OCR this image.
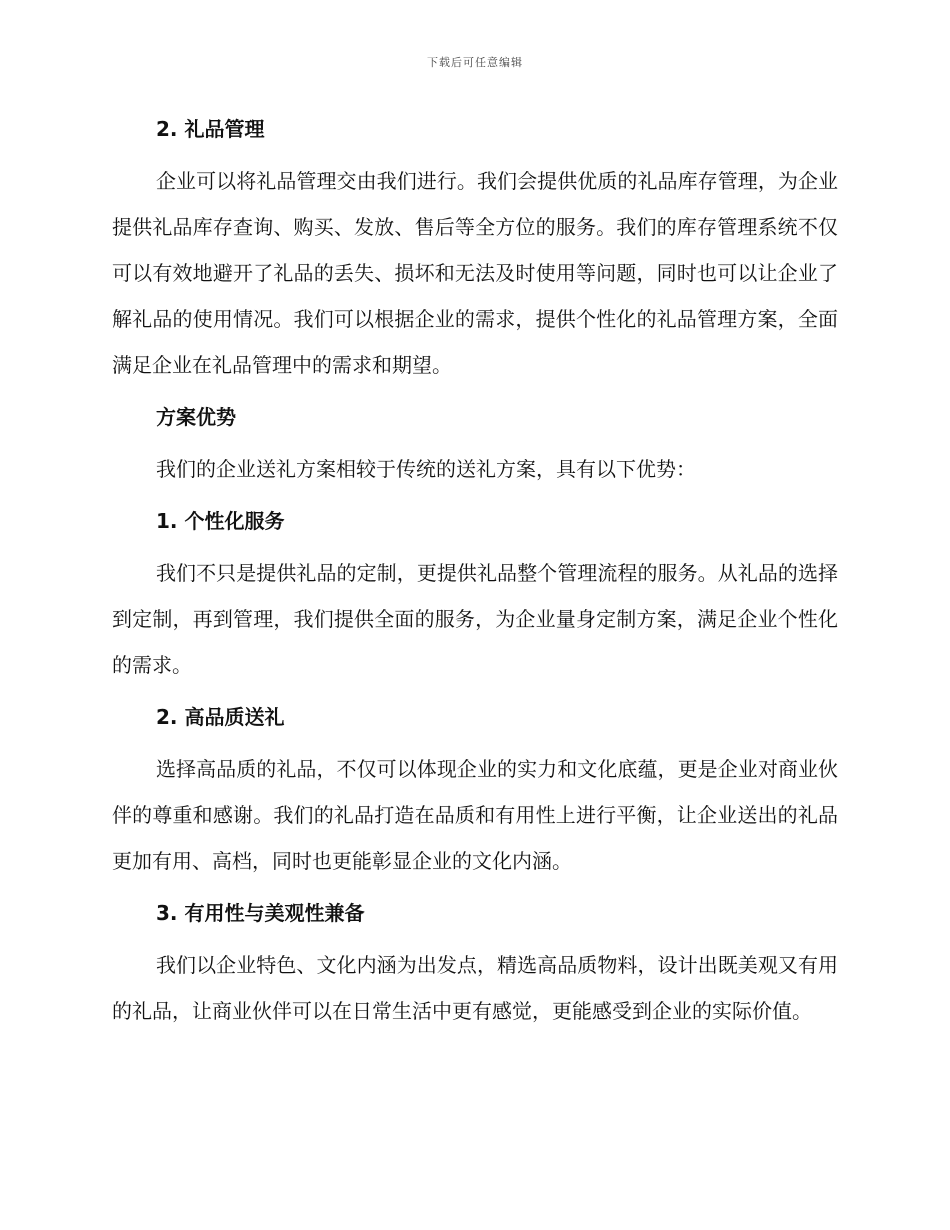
下载后可任意编辑
2. 礼品管理
企业可以将礼品管理交由我们进行。我们会提供优质的礼品库存管理，为企业提供礼品库存查询、购买、发放、售后等全方位的服务。我们的库存管理系统不仅可以有效地避开了礼品的丢失、损坏和无法及时使用等问题，同时也可以让企业了解礼品的使用情况。我们可以根据企业的需求，提供个性化的礼品管理方案，全面满足企业在礼品管理中的需求和期望。
方案优势
我们的企业送礼方案相较于传统的送礼方案，具有以下优势：
1. 个性化服务
我们不只是提供礼品的定制，更提供礼品整个管理流程的服务。从礼品的选择到定制，再到管理，我们提供全面的服务，为企业量身定制方案，满足企业个性化的需求。
2. 高品质送礼
选择高品质的礼品，不仅可以体现企业的实力和文化底蕴，更是企业对商业伙伴的尊重和感谢。我们的礼品打造在品质和有用性上进行平衡，让企业送出的礼品更加有用、高档，同时也更能彰显企业的文化内涵。
3. 有用性与美观性兼备
我们以企业特色、文化内涵为出发点，精选高品质物料，设计出既美观又有用的礼品，让商业伙伴可以在日常生活中更有感觉，更能感受到企业的实际价值。
